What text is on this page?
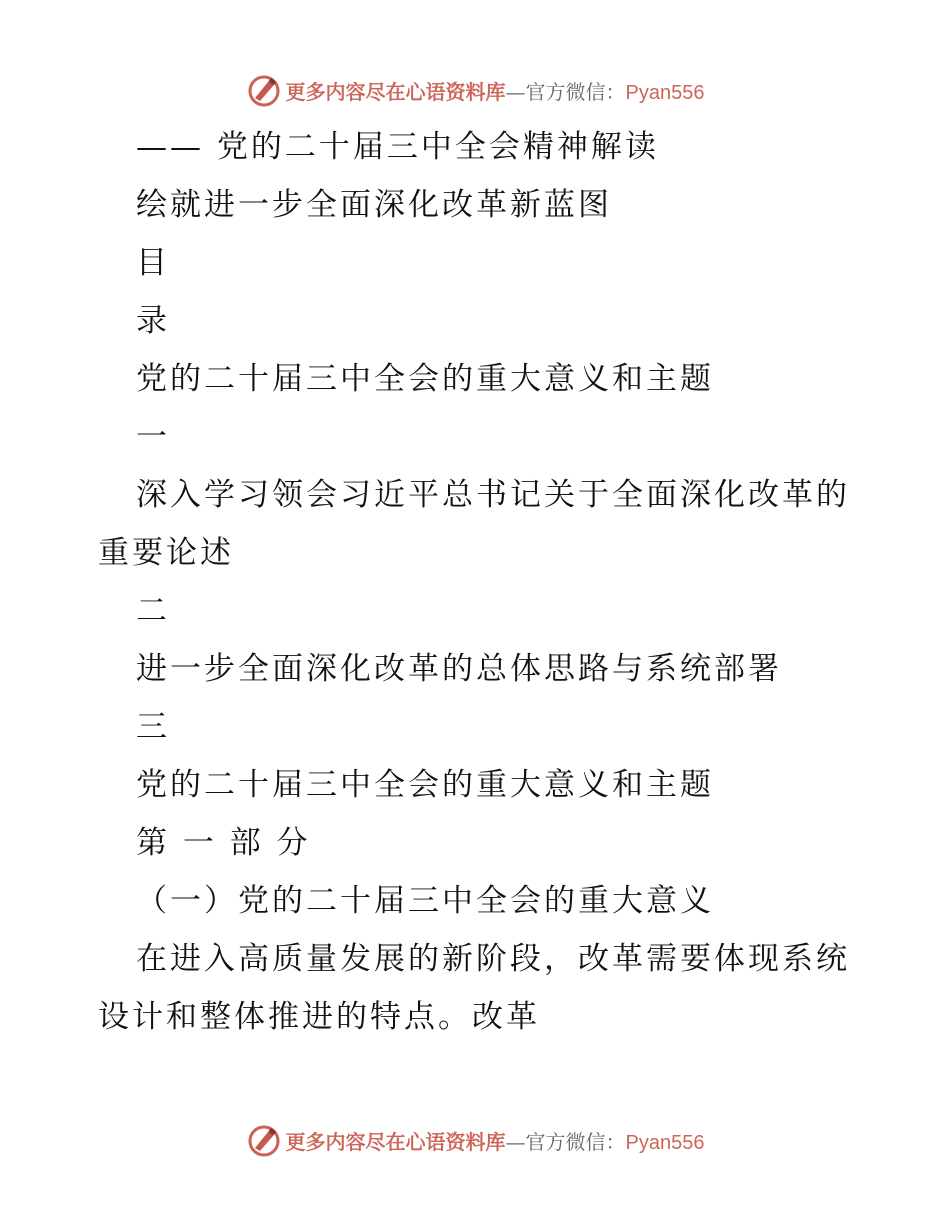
更多内容尽在心语资料库—官方微信：Pyan556
—— 党的二十届三中全会精神解读
绘就进一步全面深化改革新蓝图
目
录
党的二十届三中全会的重大意义和主题
一
深入学习领会习近平总书记关于全面深化改革的
重要论述
二
进一步全面深化改革的总体思路与系统部署
三
党的二十届三中全会的重大意义和主题
第 一 部 分
（一）党的二十届三中全会的重大意义
在进入高质量发展的新阶段，改革需要体现系统
设计和整体推进的特点。改革
更多内容尽在心语资料库—官方微信：Pyan556
